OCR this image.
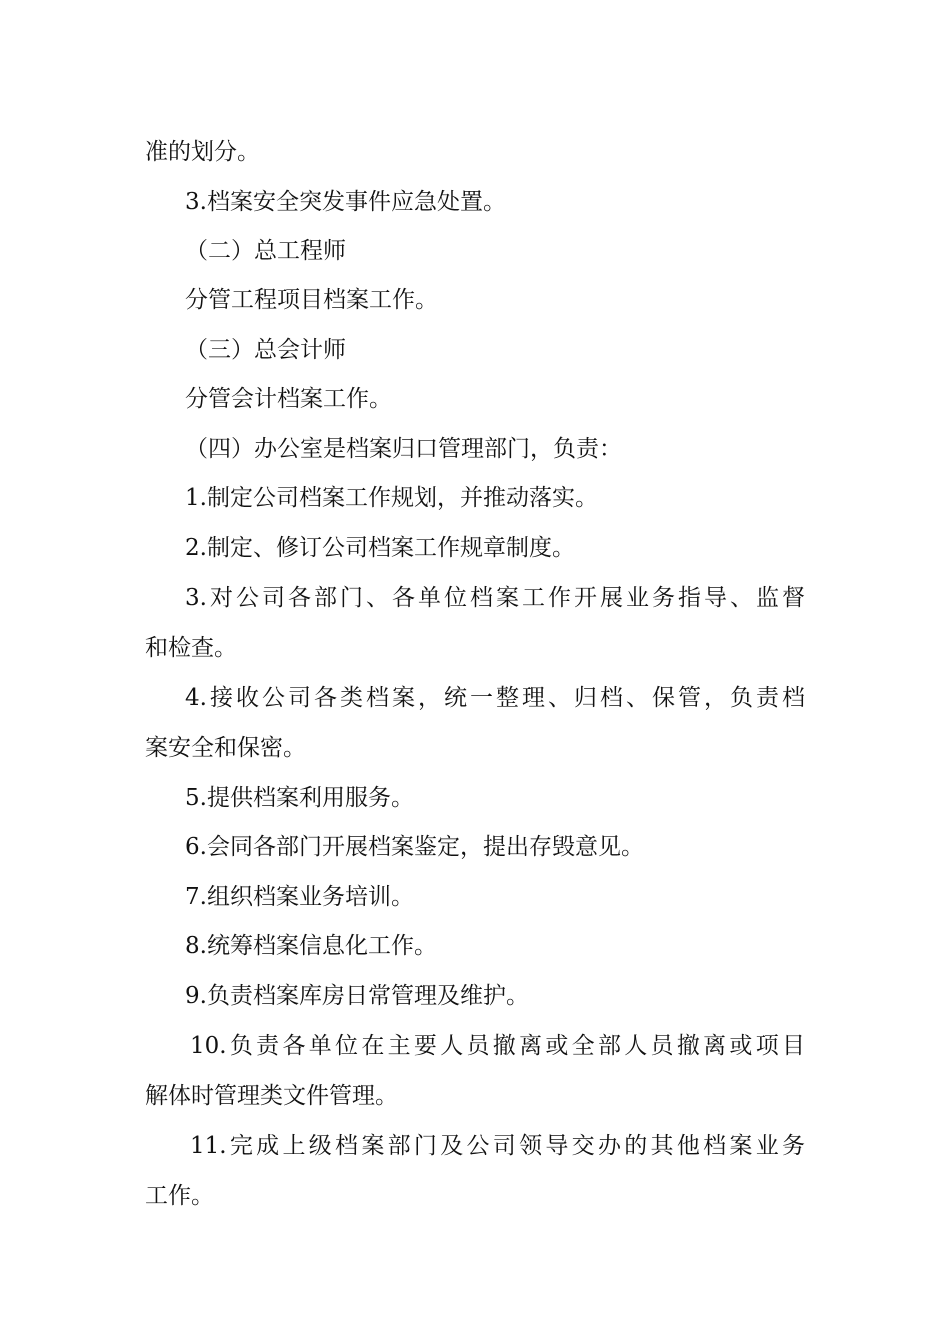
准的划分。
3.档案安全突发事件应急处置。
（二）总工程师
分管工程项目档案工作。
（三）总会计师
分管会计档案工作。
（四）办公室是档案归口管理部门，负责：
1.制定公司档案工作规划，并推动落实。
2.制定、修订公司档案工作规章制度。
3.对公司各部门、各单位档案工作开展业务指导、监督
和检查。
4.接收公司各类档案，统一整理、归档、保管，负责档
案安全和保密。
5.提供档案利用服务。
6.会同各部门开展档案鉴定，提出存毁意见。
7.组织档案业务培训。
8.统筹档案信息化工作。
9.负责档案库房日常管理及维护。
10.负责各单位在主要人员撤离或全部人员撤离或项目
解体时管理类文件管理。
11.完成上级档案部门及公司领导交办的其他档案业务
工作。
